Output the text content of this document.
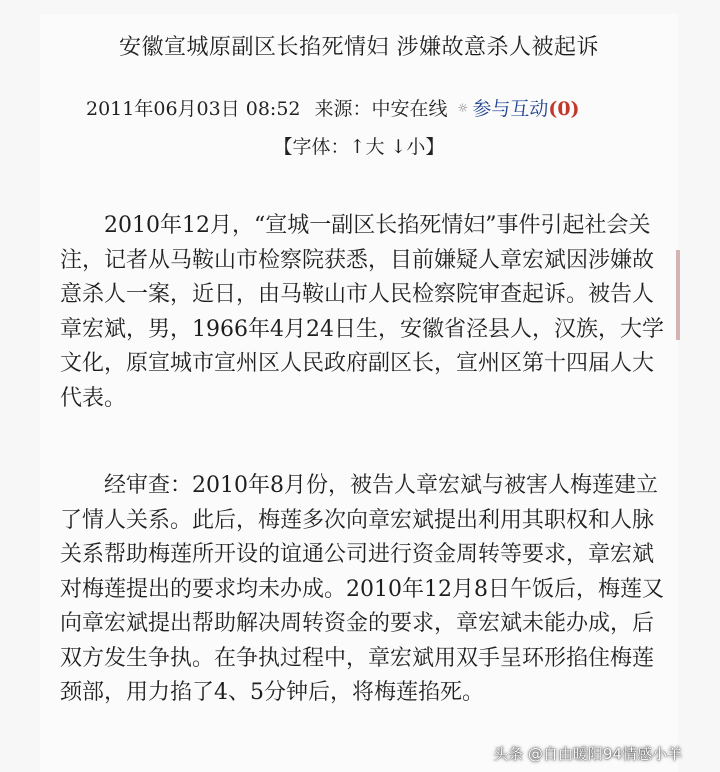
安徽宣城原副区长掐死情妇 涉嫌故意杀人被起诉
2011年06月03日 08:52 来源：中安在线 ☼ 参与互动(0)
【字体：↑大 ↓小】

2010年12月，“宣城一副区长掐死情妇”事件引起社会关注，记者从马鞍山市检察院获悉，目前嫌疑人章宏斌因涉嫌故意杀人一案，近日，由马鞍山市人民检察院审查起诉。被告人章宏斌，男，1966年4月24日生，安徽省泾县人，汉族，大学文化，原宣城市宣州区人民政府副区长，宣州区第十四届人大代表。

经审查：2010年8月份，被告人章宏斌与被害人梅莲建立了情人关系。此后，梅莲多次向章宏斌提出利用其职权和人脉关系帮助梅莲所开设的谊通公司进行资金周转等要求，章宏斌对梅莲提出的要求均未办成。2010年12月8日午饭后，梅莲又向章宏斌提出帮助解决周转资金的要求，章宏斌未能办成，后双方发生争执。在争执过程中，章宏斌用双手呈环形掐住梅莲颈部，用力掐了4、5分钟后，将梅莲掐死。

头条 @自由暖阳94情感小羊
